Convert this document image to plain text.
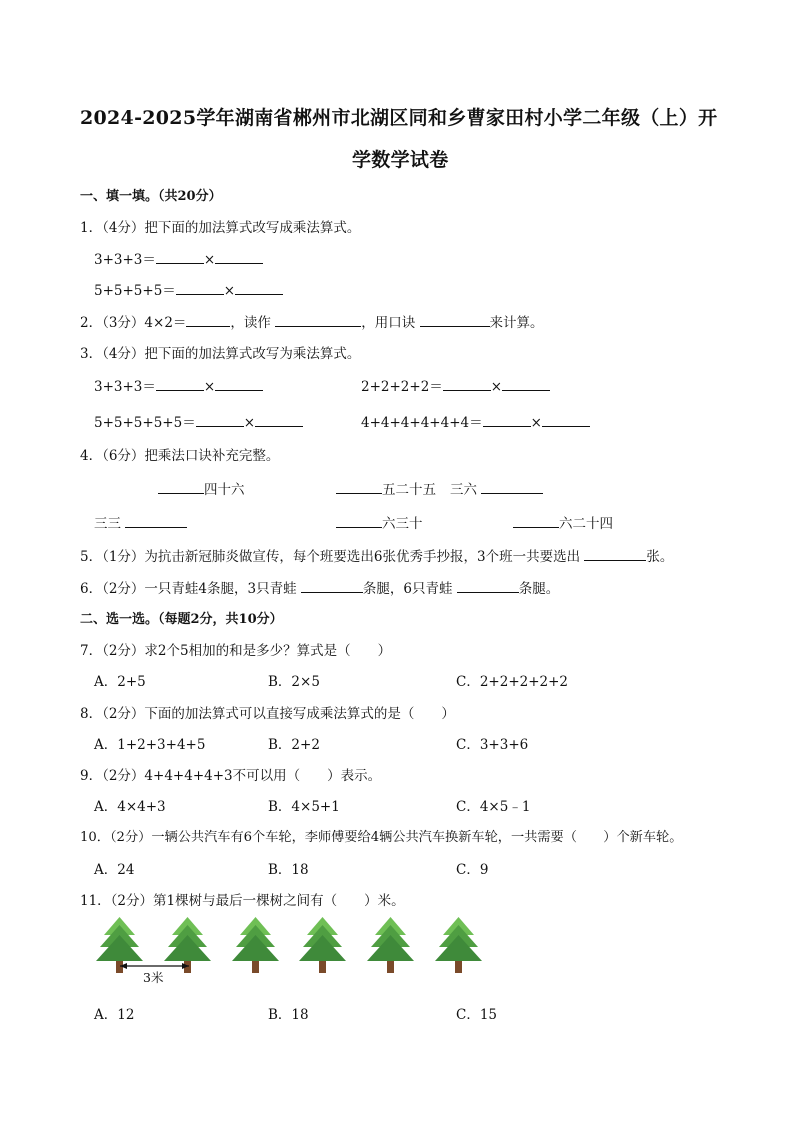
2024-2025学年湖南省郴州市北湖区同和乡曹家田村小学二年级（上）开
学数学试卷
一、填一填。（共20分）
1．（4分）把下面的加法算式改写成乘法算式。
3+3+3＝	×
5+5+5+5＝	×
2．（3分）4×2＝	，读作	，用口诀	来计算。
3．（4分）把下面的加法算式改写为乘法算式。
3+3+3＝	×	2+2+2+2＝	×
5+5+5+5+5＝	×	4+4+4+4+4+4＝	×
4．（6分）把乘法口诀补充完整。
四十六	五二十五 三六
三三	六三十	六二十四
5．（1分）为抗击新冠肺炎做宣传，每个班要选出6张优秀手抄报，3个班一共要选出	张。
6．（2分）一只青蛙4条腿，3只青蛙	条腿，6只青蛙	条腿。
二、选一选。（每题2分，共10分）
7．（2分）求2个5相加的和是多少？算式是（　　）
A．2+5	B．2×5	C．2+2+2+2+2
8．（2分）下面的加法算式可以直接写成乘法算式的是（　　）
A．1+2+3+4+5	B．2+2	C．3+3+6
9．（2分）4+4+4+4+3不可以用（　　）表示。
A．4×4+3	B．4×5+1	C．4×5﹣1
10．（2分）一辆公共汽车有6个车轮，李师傅要给4辆公共汽车换新车轮，一共需要（　　）个新车轮。
A．24	B．18	C．9
11．（2分）第1棵树与最后一棵树之间有（　　）米。
3米
A．12	B．18	C．15
